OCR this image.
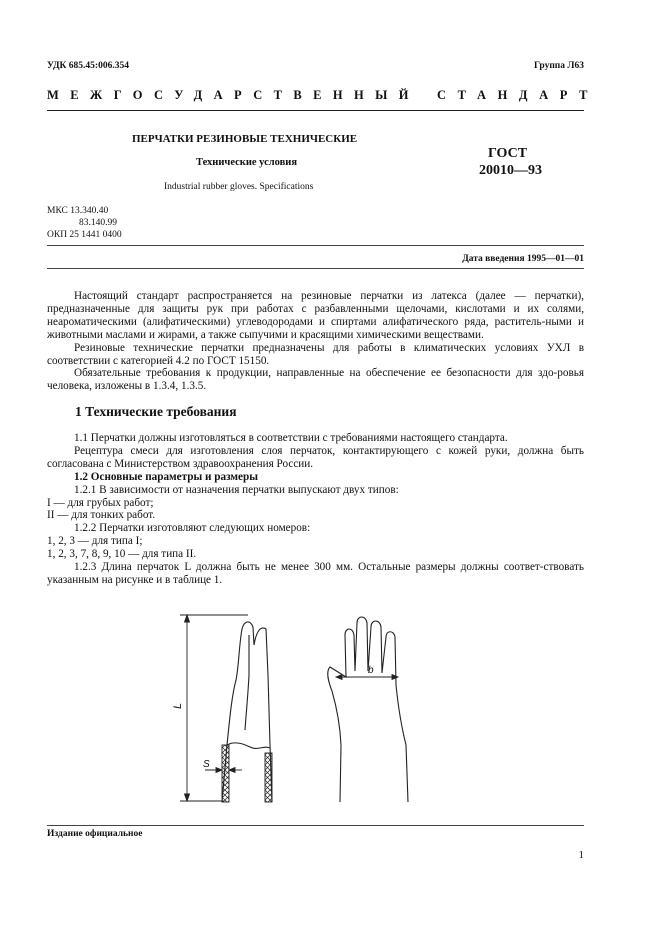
УДК 685.45:006.354	Группа Л63
МЕЖГОСУДАРСТВЕННЫЙ СТАНДАРТ
ПЕРЧАТКИ РЕЗИНОВЫЕ ТЕХНИЧЕСКИЕ
Технические условия
Industrial rubber gloves. Specifications
ГОСТ
20010—93
МКС 13.340.40
83.140.99
ОКП 25 1441 0400
Дата введения 1995—01—01
Настоящий стандарт распространяется на резиновые перчатки из латекса (далее — перчатки), предназначенные для защиты рук при работах с разбавленными щелочами, кислотами и их солями, неароматическими (алифатическими) углеводородами и спиртами алифатического ряда, раститель-ными и животными маслами и жирами, а также сыпучими и красящими химическими веществами.
Резиновые технические перчатки предназначены для работы в климатических условиях УХЛ в соответствии с категорией 4.2 по ГОСТ 15150.
Обязательные требования к продукции, направленные на обеспечение ее безопасности для здо-ровья человека, изложены в 1.3.4, 1.3.5.
1 Технические требования
1.1 Перчатки должны изготовляться в соответствии с требованиями настоящего стандарта.
Рецептура смеси для изготовления слоя перчаток, контактирующего с кожей руки, должна быть согласована с Министерством здравоохранения России.
1.2 Основные параметры и размеры
1.2.1 В зависимости от назначения перчатки выпускают двух типов:
I — для грубых работ;
II — для тонких работ.
1.2.2 Перчатки изготовляют следующих номеров:
1, 2, 3 — для типа I;
1, 2, 3, 7, 8, 9, 10 — для типа II.
1.2.3 Длина перчаток L должна быть не менее 300 мм. Остальные размеры должны соответ-ствовать указанным на рисунке и в таблице 1.
L
S
b
Издание официальное
1
